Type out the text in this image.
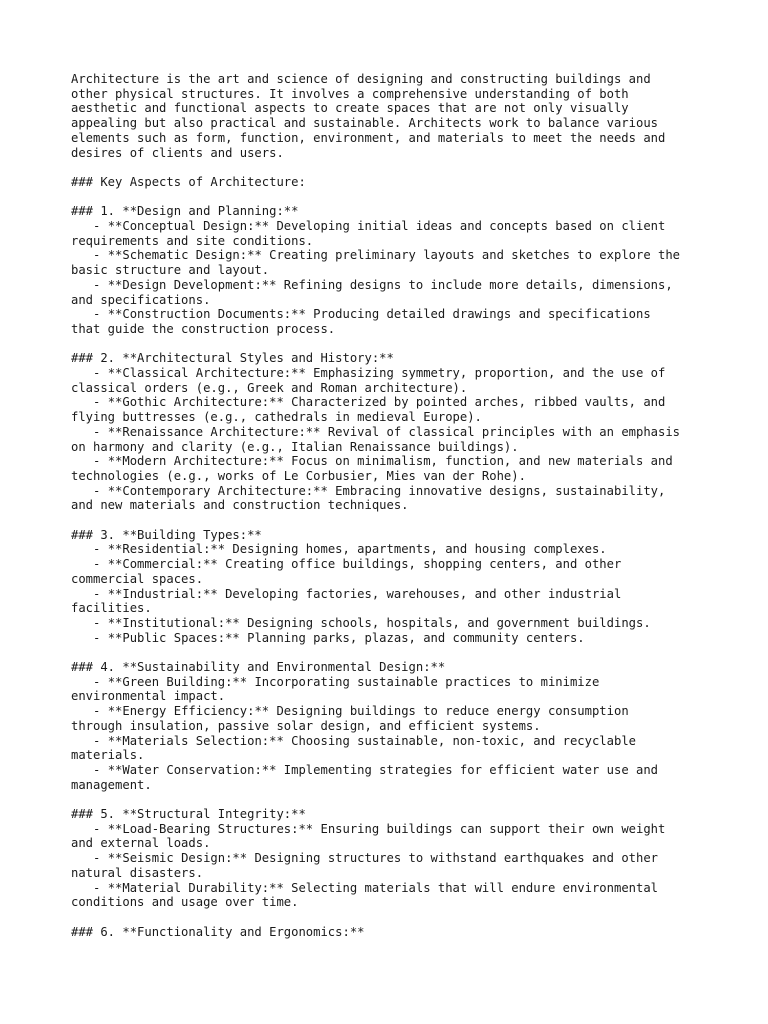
Architecture is the art and science of designing and constructing buildings and
other physical structures. It involves a comprehensive understanding of both
aesthetic and functional aspects to create spaces that are not only visually
appealing but also practical and sustainable. Architects work to balance various
elements such as form, function, environment, and materials to meet the needs and
desires of clients and users.
### Key Aspects of Architecture:
### 1. **Design and Planning:**
- **Conceptual Design:** Developing initial ideas and concepts based on client
requirements and site conditions.
- **Schematic Design:** Creating preliminary layouts and sketches to explore the
basic structure and layout.
- **Design Development:** Refining designs to include more details, dimensions,
and specifications.
- **Construction Documents:** Producing detailed drawings and specifications
that guide the construction process.
### 2. **Architectural Styles and History:**
- **Classical Architecture:** Emphasizing symmetry, proportion, and the use of
classical orders (e.g., Greek and Roman architecture).
- **Gothic Architecture:** Characterized by pointed arches, ribbed vaults, and
flying buttresses (e.g., cathedrals in medieval Europe).
- **Renaissance Architecture:** Revival of classical principles with an emphasis
on harmony and clarity (e.g., Italian Renaissance buildings).
- **Modern Architecture:** Focus on minimalism, function, and new materials and
technologies (e.g., works of Le Corbusier, Mies van der Rohe).
- **Contemporary Architecture:** Embracing innovative designs, sustainability,
and new materials and construction techniques.
### 3. **Building Types:**
- **Residential:** Designing homes, apartments, and housing complexes.
- **Commercial:** Creating office buildings, shopping centers, and other
commercial spaces.
- **Industrial:** Developing factories, warehouses, and other industrial
facilities.
- **Institutional:** Designing schools, hospitals, and government buildings.
- **Public Spaces:** Planning parks, plazas, and community centers.
### 4. **Sustainability and Environmental Design:**
- **Green Building:** Incorporating sustainable practices to minimize
environmental impact.
- **Energy Efficiency:** Designing buildings to reduce energy consumption
through insulation, passive solar design, and efficient systems.
- **Materials Selection:** Choosing sustainable, non-toxic, and recyclable
materials.
- **Water Conservation:** Implementing strategies for efficient water use and
management.
### 5. **Structural Integrity:**
- **Load-Bearing Structures:** Ensuring buildings can support their own weight
and external loads.
- **Seismic Design:** Designing structures to withstand earthquakes and other
natural disasters.
- **Material Durability:** Selecting materials that will endure environmental
conditions and usage over time.
### 6. **Functionality and Ergonomics:**
